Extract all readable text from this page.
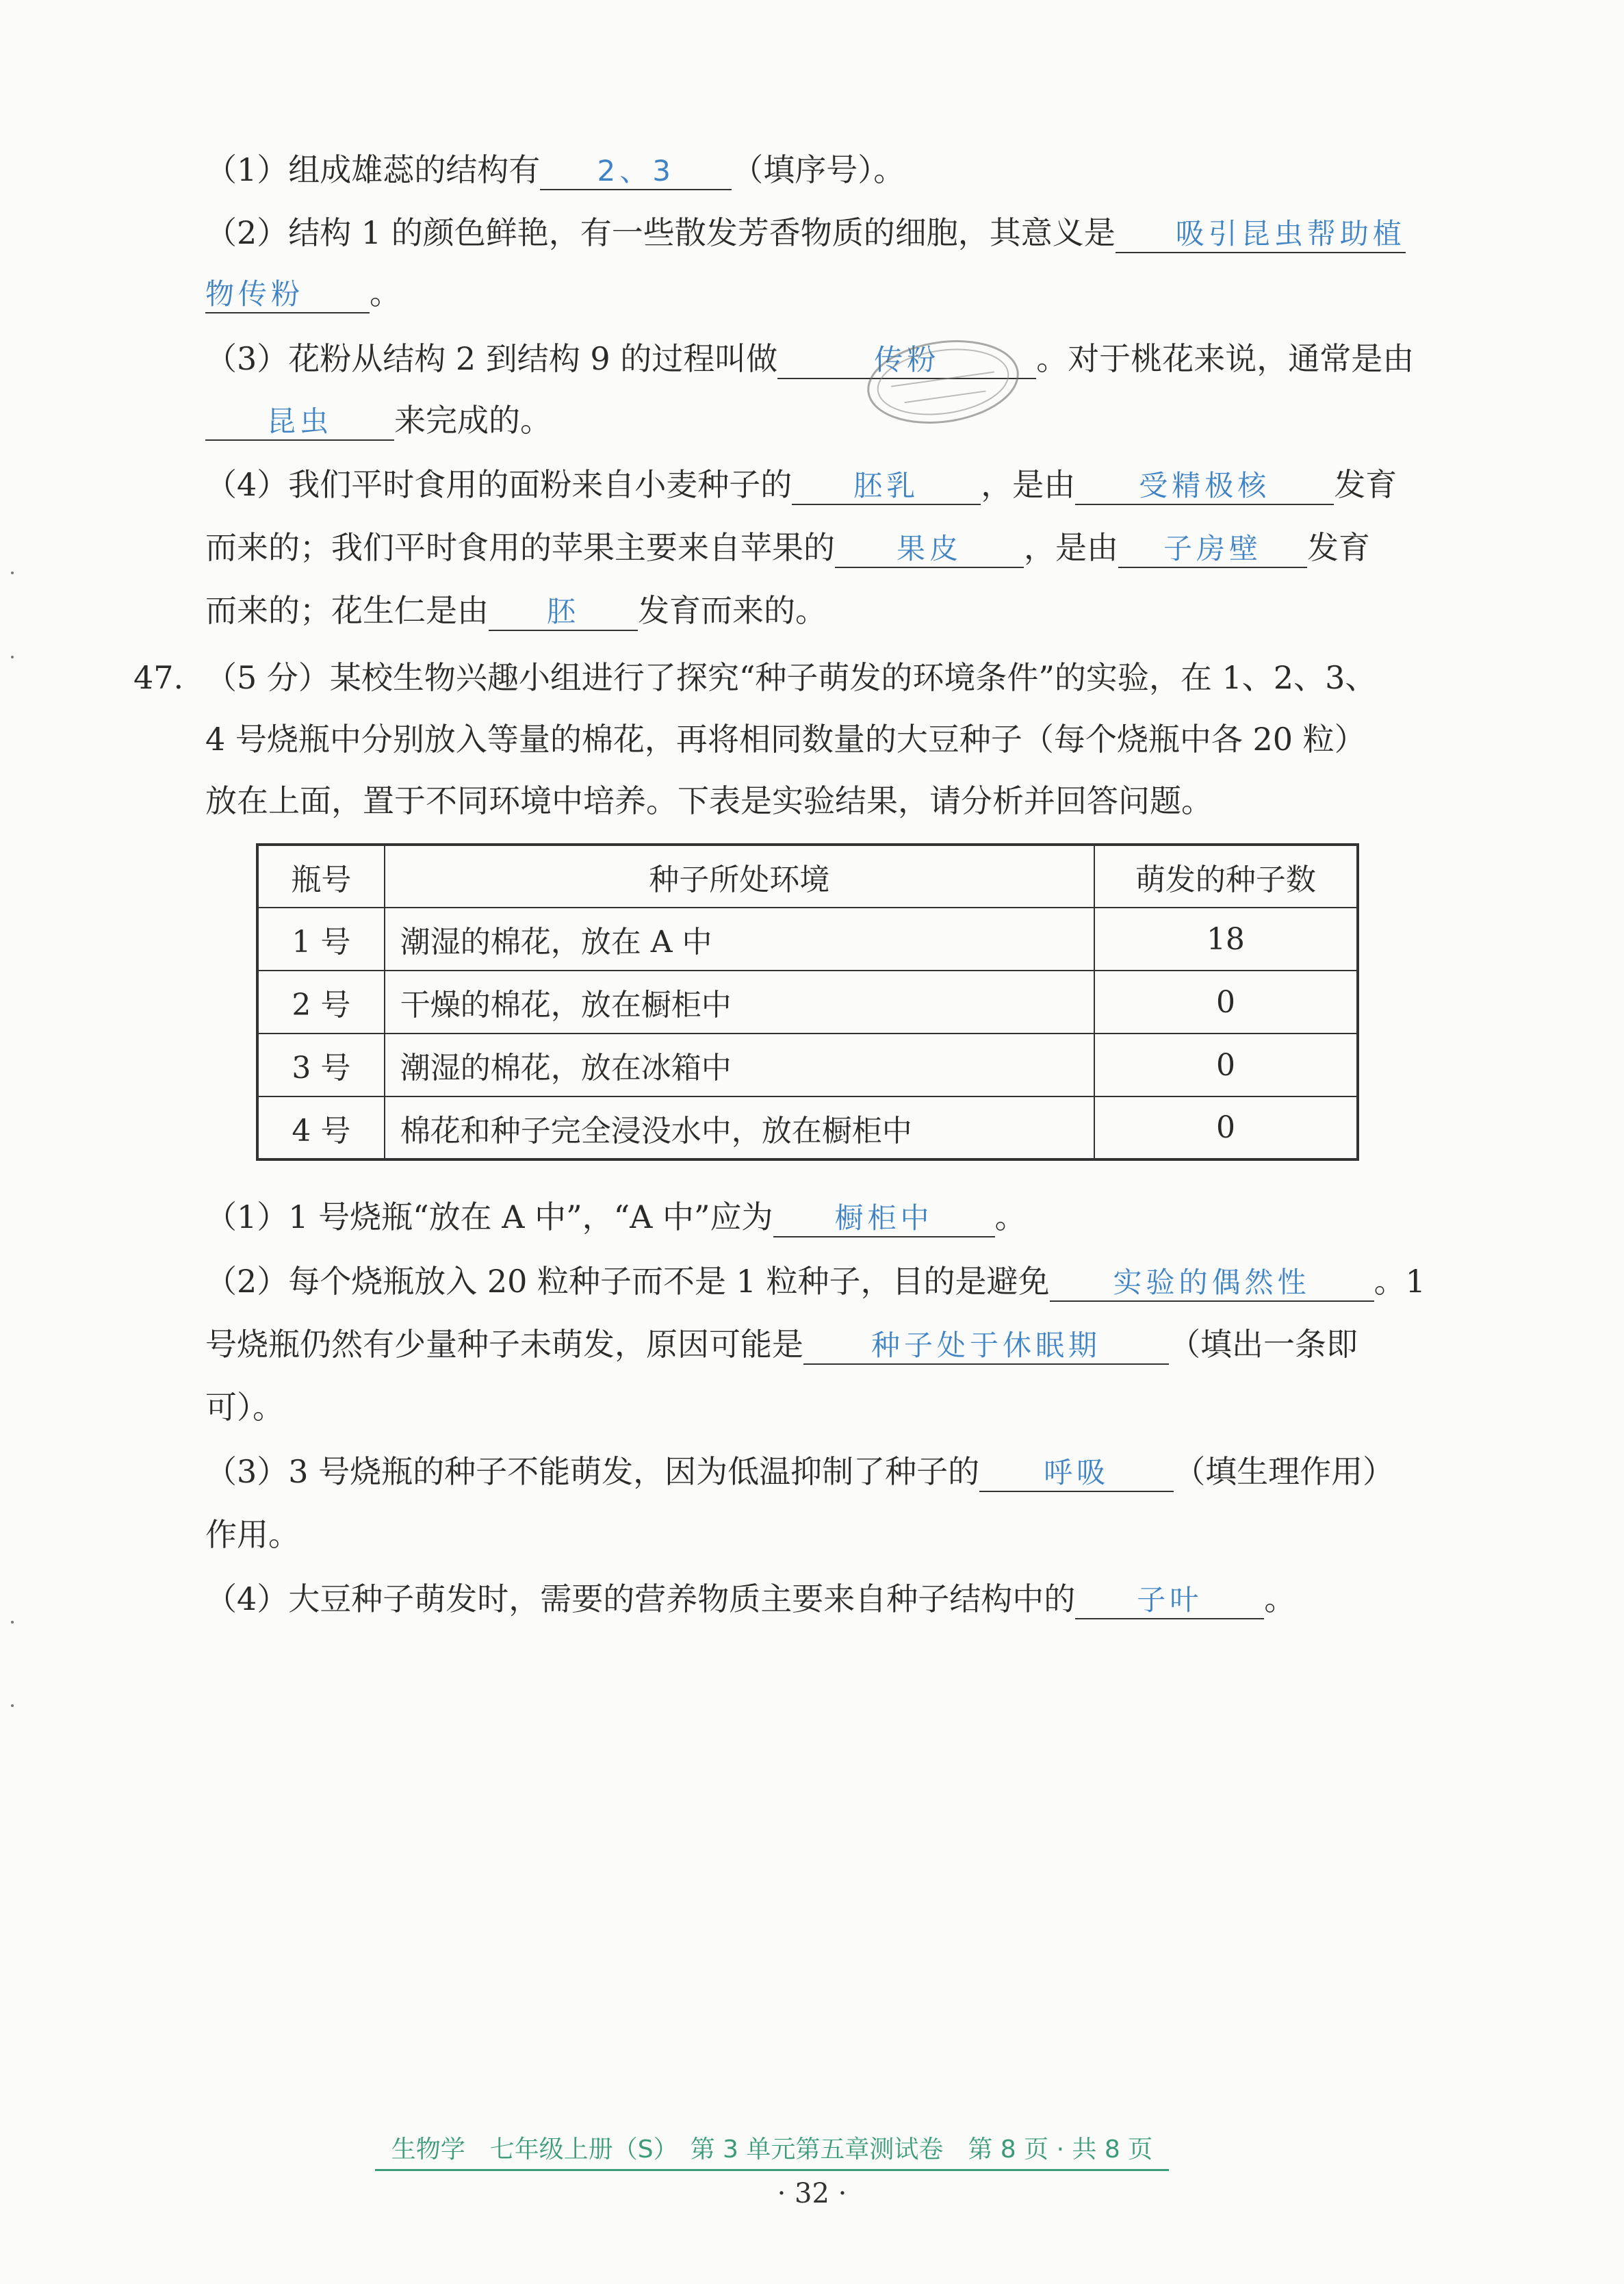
（1）组成雄蕊的结构有 2、3 （填序号）。
（2）结构 1 的颜色鲜艳，有一些散发芳香物质的细胞，其意义是 吸引昆虫帮助植
物传粉 。
（3）花粉从结构 2 到结构 9 的过程叫做	传粉	。对于桃花来说，通常是由
昆虫 来完成的。
（4）我们平时食用的面粉来自小麦种子的 胚乳 ，是由 受精极核 发育
而来的；我们平时食用的苹果主要来自苹果的 果皮 ，是由 子房壁 发育
而来的；花生仁是由 胚 发育而来的。
47. （5 分）某校生物兴趣小组进行了探究“种子萌发的环境条件”的实验，在 1、2、3、
4 号烧瓶中分别放入等量的棉花，再将相同数量的大豆种子（每个烧瓶中各 20 粒）
放在上面，置于不同环境中培养。下表是实验结果，请分析并回答问题。
瓶号	种子所处环境	萌发的种子数
1 号	潮湿的棉花，放在 A 中	18
2 号	干燥的棉花，放在橱柜中	0
3 号	潮湿的棉花，放在冰箱中	0
4 号	棉花和种子完全浸没水中，放在橱柜中	0
（1）1 号烧瓶“放在 A 中”，“A 中”应为 橱柜中 。
（2）每个烧瓶放入 20 粒种子而不是 1 粒种子，目的是避免 实验的偶然性 。1
号烧瓶仍然有少量种子未萌发，原因可能是 种子处于休眠期 （填出一条即
可）。
（3）3 号烧瓶的种子不能萌发，因为低温抑制了种子的 呼吸 （填生理作用）
作用。
（4）大豆种子萌发时，需要的营养物质主要来自种子结构中的 子叶 。
生物学　七年级上册（S）　第 3 单元第五章测试卷　第 8 页 · 共 8 页
· 32 ·
